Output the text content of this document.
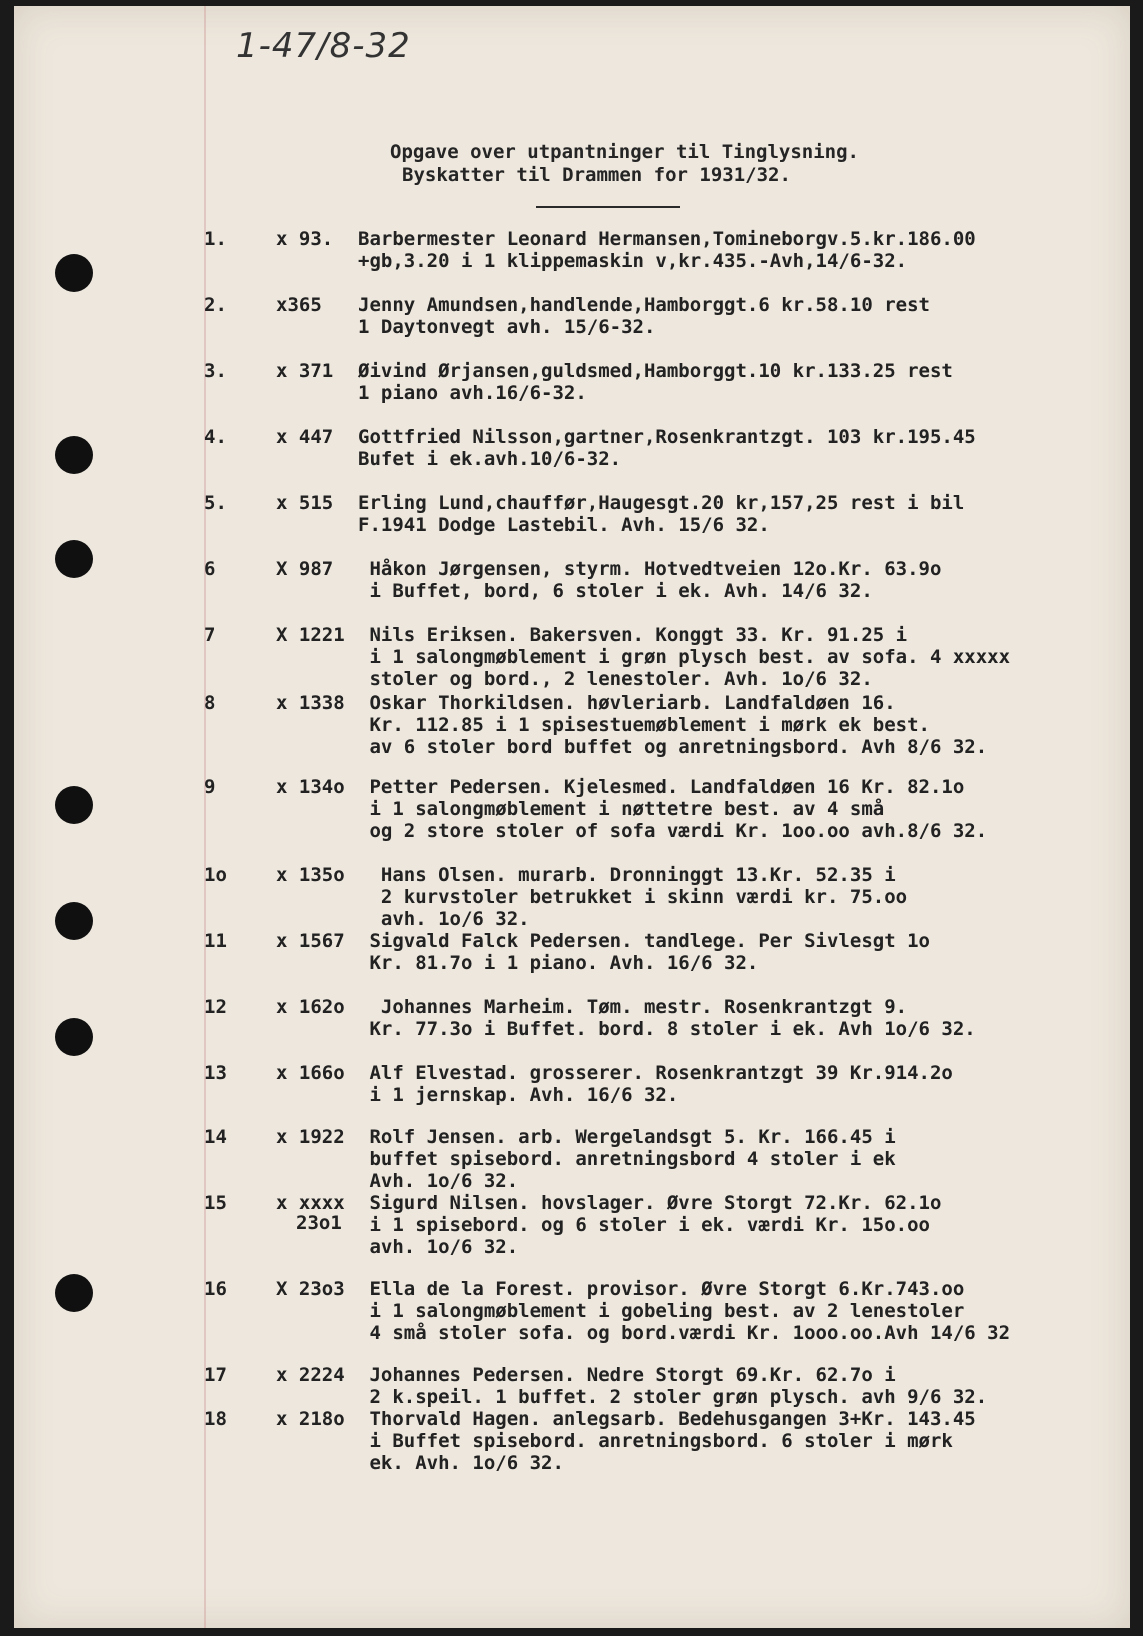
1-47/8-32
Opgave over utpantninger til Tinglysning.
Byskatter til Drammen for 1931/32.
1.	x 93. Barbermester Leonard Hermansen,Tomineborgv.5.kr.186.00
+gb,3.20 i 1 klippemaskin v,kr.435.-Avh,14/6-32.
2.	x365 Jenny Amundsen,handlende,Hamborggt.6 kr.58.10 rest
1 Daytonvegt avh. 15/6-32.
3.	x 371 Øivind Ørjansen,guldsmed,Hamborggt.10 kr.133.25 rest
1 piano avh.16/6-32.
4.	x 447 Gottfried Nilsson,gartner,Rosenkrantzgt. 103 kr.195.45
Bufet i ek.avh.10/6-32.
5.	x 515 Erling Lund,chauffør,Haugesgt.20 kr,157,25 rest i bil
F.1941 Dodge Lastebil. Avh. 15/6 32.
6	X 987 Håkon Jørgensen, styrm. Hotvedtveien 12o.Kr. 63.9o
i Buffet, bord, 6 stoler i ek. Avh. 14/6 32.
7	X 1221 Nils Eriksen. Bakersven. Konggt 33. Kr. 91.25 i
i 1 salongmøblement i grøn plysch best. av sofa. 4 xxxxx
stoler og bord., 2 lenestoler. Avh. 1o/6 32.
8	x 1338 Oskar Thorkildsen. høvleriarb. Landfaldøen 16.
Kr. 112.85 i 1 spisestuemøblement i mørk ek best.
av 6 stoler bord buffet og anretningsbord. Avh 8/6 32.
9	x 134o Petter Pedersen. Kjelesmed. Landfaldøen 16 Kr. 82.1o
i 1 salongmøblement i nøttetre best. av 4 små
og 2 store stoler of sofa værdi Kr. 1oo.oo avh.8/6 32.
1o	x 135o Hans Olsen. murarb. Dronninggt 13.Kr. 52.35 i
2 kurvstoler betrukket i skinn værdi kr. 75.oo
avh. 1o/6 32.
11	x 1567 Sigvald Falck Pedersen. tandlege. Per Sivlesgt 1o
Kr. 81.7o i 1 piano. Avh. 16/6 32.
12	x 162o Johannes Marheim. Tøm. mestr. Rosenkrantzgt 9.
Kr. 77.3o i Buffet. bord. 8 stoler i ek. Avh 1o/6 32.
13	x 166o Alf Elvestad. grosserer. Rosenkrantzgt 39 Kr.914.2o
i 1 jernskap. Avh. 16/6 32.
14	x 1922 Rolf Jensen. arb. Wergelandsgt 5. Kr. 166.45 i
buffet spisebord. anretningsbord 4 stoler i ek
Avh. 1o/6 32.
15	x xxxx
23o1
Sigurd Nilsen. hovslager. Øvre Storgt 72.Kr. 62.1o
i 1 spisebord. og 6 stoler i ek. værdi Kr. 15o.oo
avh. 1o/6 32.
16	X 23o3 Ella de la Forest. provisor. Øvre Storgt 6.Kr.743.oo
i 1 salongmøblement i gobeling best. av 2 lenestoler
4 små stoler sofa. og bord.værdi Kr. 1ooo.oo.Avh 14/6 32
17	x 2224 Johannes Pedersen. Nedre Storgt 69.Kr. 62.7o i
2 k.speil. 1 buffet. 2 stoler grøn plysch. avh 9/6 32.
18	x 218o Thorvald Hagen. anlegsarb. Bedehusgangen 3+Kr. 143.45
i Buffet spisebord. anretningsbord. 6 stoler i mørk
ek. Avh. 1o/6 32.
